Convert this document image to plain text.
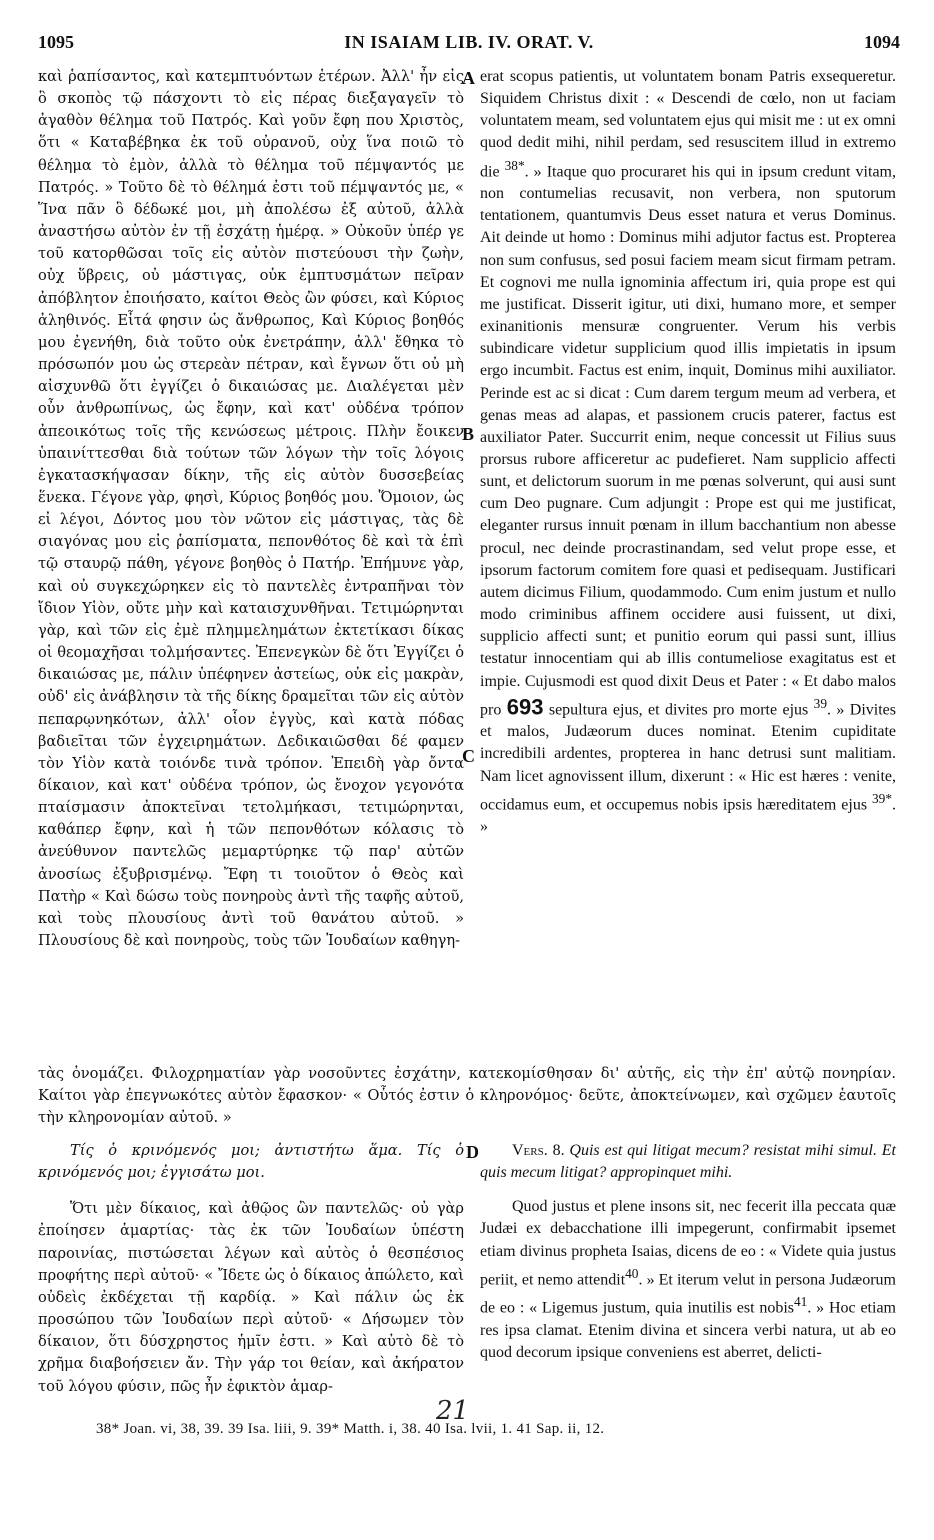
1095	IN ISAIAM LIB. IV. ORAT. V.	1094

καὶ ῥαπίσαντος, καὶ κατεμπτυόντων ἑτέρων. Ἀλλ' ἦν εἰς ὃ σκοπὸς τῷ πάσχοντι τὸ εἰς πέρας διεξαγαγεῖν τὸ ἀγαθὸν θέλημα τοῦ Πατρός. Καὶ γοῦν ἔφη που Χριστὸς, ὅτι « Καταβέβηκα ἐκ τοῦ οὐρανοῦ, οὐχ ἵνα ποιῶ τὸ θέλημα τὸ ἐμὸν, ἀλλὰ τὸ θέλημα τοῦ πέμψαντός με Πατρός. » Τοῦτο δὲ τὸ θέλημά ἐστι τοῦ πέμψαντός με, « Ἵνα πᾶν ὃ δέδωκέ μοι, μὴ ἀπολέσω ἐξ αὐτοῦ, ἀλλὰ ἀναστήσω αὐτὸν ἐν τῇ ἐσχάτῃ ἡμέρᾳ. » Οὐκοῦν ὑπέρ γε τοῦ κατορθῶσαι τοῖς εἰς αὐτὸν πιστεύουσι τὴν ζωὴν, οὐχ ὕβρεις, οὐ μάστιγας, οὐκ ἐμπτυσμάτων πεῖραν ἀπόβλητον ἐποιήσατο, καίτοι Θεὸς ὢν φύσει, καὶ Κύριος ἀληθινός. Εἶτά φησιν ὡς ἄνθρωπος, Καὶ Κύριος βοηθός μου ἐγενήθη, διὰ τοῦτο οὐκ ἐνετράπην, ἀλλ' ἔθηκα τὸ πρόσωπόν μου ὡς στερεὰν πέτραν, καὶ ἔγνων ὅτι οὐ μὴ αἰσχυνθῶ ὅτι ἐγγίζει ὁ δικαιώσας με. Διαλέγεται μὲν οὖν ἀνθρωπίνως, ὡς ἔφην, καὶ κατ' οὐδένα τρόπον ἀπεοικότως τοῖς τῆς κενώσεως μέτροις. Πλὴν ἔοικεν ὑπαινίττεσθαι διὰ τούτων τῶν λόγων τὴν τοῖς λόγοις ἐγκατασκήψασαν δίκην, τῆς εἰς αὐτὸν δυσσεβείας ἕνεκα. Γέγονε γὰρ, φησὶ, Κύριος βοηθός μου. Ὅμοιον, ὡς εἰ λέγοι, Δόντος μου τὸν νῶτον εἰς μάστιγας, τὰς δὲ σιαγόνας μου εἰς ῥαπίσματα, πεπονθότος δὲ καὶ τὰ ἐπὶ τῷ σταυρῷ πάθη, γέγονε βοηθὸς ὁ Πατήρ. Ἐπήμυνε γὰρ, καὶ οὐ συγκεχώρηκεν εἰς τὸ παντελὲς ἐντραπῆναι τὸν ἴδιον Υἱὸν, οὔτε μὴν καὶ καταισχυνθῆναι. Τετιμώρηνται γὰρ, καὶ τῶν εἰς ἐμὲ πλημμελημάτων ἐκτετίκασι δίκας οἱ θεομαχῆσαι τολμήσαντες. Ἐπενεγκὼν δὲ ὅτι Ἐγγίζει ὁ δικαιώσας με, πάλιν ὑπέφηνεν ἀστείως, οὐκ εἰς μακρὰν, οὐδ' εἰς ἀνάβλησιν τὰ τῆς δίκης δραμεῖται τῶν εἰς αὐτὸν πεπαρῳνηκότων, ἀλλ' οἷον ἐγγὺς, καὶ κατὰ πόδας βαδιεῖται τῶν ἐγχειρημάτων. Δεδικαιῶσθαι δέ φαμεν τὸν Υἱὸν κατὰ τοιόνδε τινὰ τρόπον. Ἐπειδὴ γὰρ ὄντα δίκαιον, καὶ κατ' οὐδένα τρόπον, ὡς ἔνοχον γεγονότα πταίσμασιν ἀποκτεῖναι τετολμήκασι, τετιμώρηνται, καθάπερ ἔφην, καὶ ἡ τῶν πεπονθότων κόλασις τὸ ἀνεύθυνον παντελῶς μεμαρτύρηκε τῷ παρ' αὐτῶν ἀνοσίως ἐξυβρισμένῳ. Ἔφη τι τοιοῦτον ὁ Θεὸς καὶ Πατὴρ « Καὶ δώσω τοὺς πονηροὺς ἀντὶ τῆς ταφῆς αὐτοῦ, καὶ τοὺς πλουσίους ἀντὶ τοῦ θανάτου αὐτοῦ. » Πλουσίους δὲ καὶ πονηροὺς, τοὺς τῶν Ἰουδαίων καθηγη-

A
B
C
D

erat scopus patientis, ut voluntatem bonam Patris exsequeretur. Siquidem Christus dixit : « Descendi de cœlo, non ut faciam voluntatem meam, sed voluntatem ejus qui misit me : ut ex omni quod dedit mihi, nihil perdam, sed resuscitem illud in extremo die $^{38*}$. » Itaque quo procuraret his qui in ipsum credunt vitam, non contumelias recusavit, non verbera, non sputorum tentationem, quantumvis Deus esset natura et verus Dominus. Ait deinde ut homo : Dominus mihi adjutor factus est. Propterea non sum confusus, sed posui faciem meam sicut firmam petram. Et cognovi me nulla ignominia affectum iri, quia prope est qui me justificat. Disserit igitur, uti dixi, humano more, et semper exinanitionis mensuræ congruenter. Verum his verbis subindicare videtur supplicium quod illis impietatis in ipsum ergo incumbit. Factus est enim, inquit, Dominus mihi auxiliator. Perinde est ac si dicat : Cum darem tergum meum ad verbera, et genas meas ad alapas, et passionem crucis paterer, factus est auxiliator Pater. Succurrit enim, neque concessit ut Filius suus prorsus rubore afficeretur ac pudefieret. Nam supplicio affecti sunt, et delictorum suorum in me pœnas solverunt, qui ausi sunt cum Deo pugnare. Cum adjungit : Prope est qui me justificat, eleganter rursus innuit pœnam in illum bacchantium non abesse procul, nec deinde procrastinandam, sed velut prope esse, et ipsorum factorum comitem fore quasi et pedisequam. Justificari autem dicimus Filium, quodammodo. Cum enim justum et nullo modo criminibus affinem occidere ausi fuissent, ut dixi, supplicio affecti sunt; et punitio eorum qui passi sunt, illius testatur innocentiam qui ab illis contumeliose exagitatus est et impie. Cujusmodi est quod dixit Deus et Pater : « Et dabo malos pro 693 sepultura ejus, et divites pro morte ejus $^{39}$. » Divites et malos, Judæorum duces nominat. Etenim cupiditate incredibili ardentes, propterea in hanc detrusi sunt malitiam. Nam licet agnovissent illum, dixerunt : « Hic est hæres : venite, occidamus eum, et occupemus nobis ipsis hæreditatem ejus $^{39*}$. »

τὰς ὀνομάζει. Φιλοχρηματίαν γὰρ νοσοῦντες ἐσχάτην, κατεκομίσθησαν δι' αὐτῆς, εἰς τὴν ἐπ' αὐτῷ πονηρίαν. Καίτοι γὰρ ἐπεγνωκότες αὐτὸν ἔφασκον· « Οὗτός ἐστιν ὁ κληρονόμος· δεῦτε, ἀποκτείνωμεν, καὶ σχῶμεν ἑαυτοῖς τὴν κληρονομίαν αὐτοῦ. »

Τίς ὁ κρινόμενός μοι; ἀντιστήτω ἅμα. Τίς ὁ κρινόμενός μοι; ἐγγισάτω μοι.

Ὅτι μὲν δίκαιος, καὶ ἀθῷος ὢν παντελῶς· οὐ γὰρ ἐποίησεν ἁμαρτίας· τὰς ἐκ τῶν Ἰουδαίων ὑπέστη παροινίας, πιστώσεται λέγων καὶ αὐτὸς ὁ θεσπέσιος προφήτης περὶ αὐτοῦ· « Ἴδετε ὡς ὁ δίκαιος ἀπώλετο, καὶ οὐδεὶς ἐκδέχεται τῇ καρδίᾳ. » Καὶ πάλιν ὡς ἐκ προσώπου τῶν Ἰουδαίων περὶ αὐτοῦ· « Δήσωμεν τὸν δίκαιον, ὅτι δύσχρηστος ἡμῖν ἐστι. » Καὶ αὐτὸ δὲ τὸ χρῆμα διαβοήσειεν ἄν. Τὴν γάρ τοι θείαν, καὶ ἀκήρατον τοῦ λόγου φύσιν, πῶς ἦν ἐφικτὸν ἁμαρ-

Vers. 8. Quis est qui litigat mecum? resistat mihi simul. Et quis mecum litigat? appropinquet mihi.

Quod justus et plene insons sit, nec fecerit illa peccata quæ Judæi ex debacchatione illi impegerunt, confirmabit ipsemet etiam divinus propheta Isaias, dicens de eo : « Videte quia justus periit, et nemo attendit$^{40}$. » Et iterum velut in persona Judæorum de eo : « Ligemus justum, quia inutilis est nobis$^{41}$. » Hoc etiam res ipsa clamat. Etenim divina et sincera verbi natura, ut ab eo quod decorum ipsique conveniens est aberret, delicti-

21
38* Joan. vi, 38, 39. 39 Isa. liii, 9. 39* Matth. i, 38. 40 Isa. lvii, 1. 41 Sap. ii, 12.
